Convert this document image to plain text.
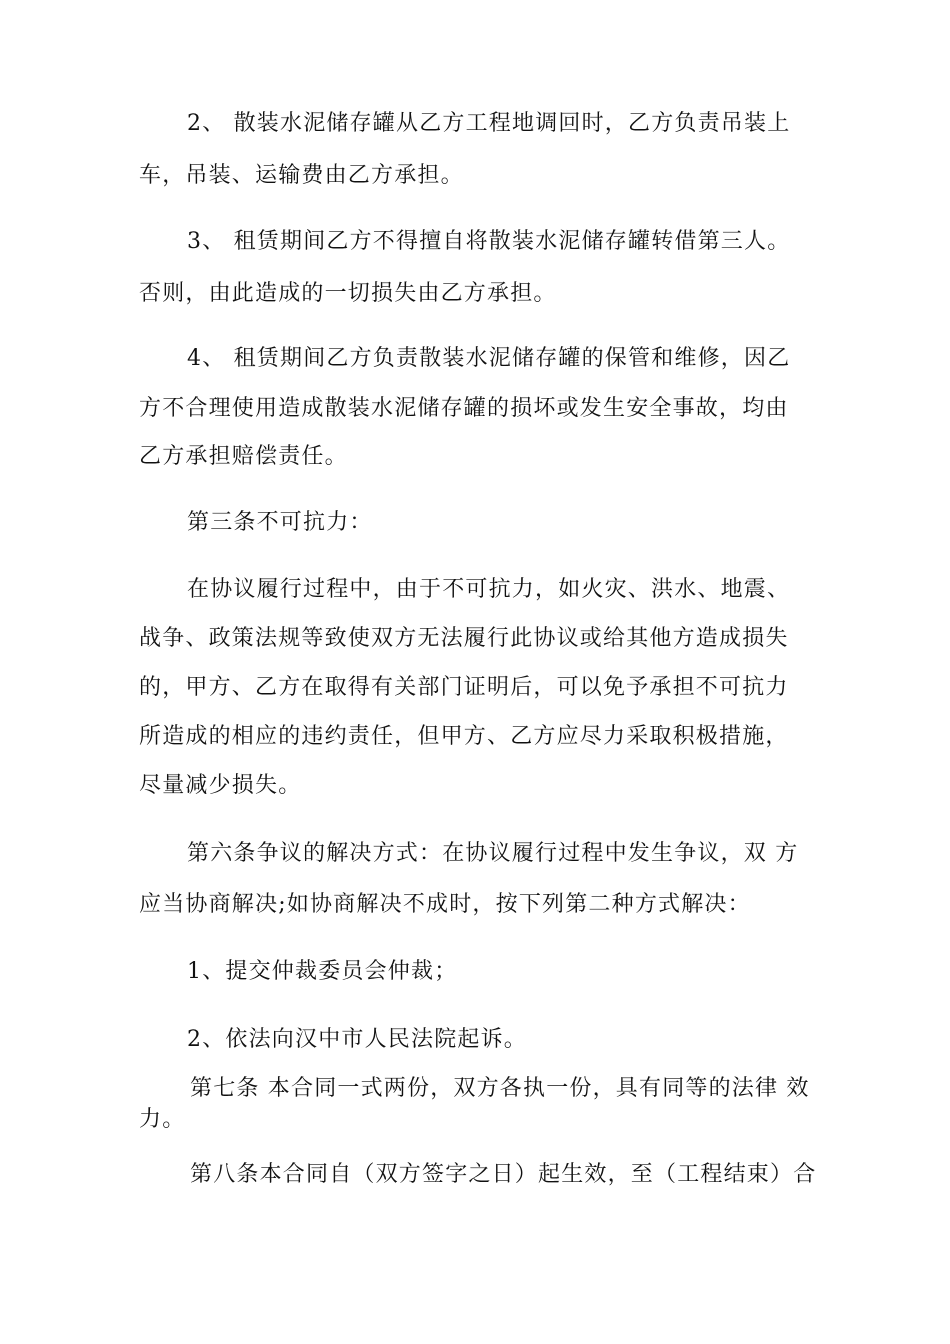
2、 散装水泥储存罐从乙方工程地调回时，乙方负责吊装上
车，吊装、运输费由乙方承担。
3、 租赁期间乙方不得擅自将散装水泥储存罐转借第三人。
否则，由此造成的一切损失由乙方承担。
4、 租赁期间乙方负责散装水泥储存罐的保管和维修，因乙
方不合理使用造成散装水泥储存罐的损坏或发生安全事故，均由
乙方承担赔偿责任。
第三条不可抗力：
在协议履行过程中，由于不可抗力，如火灾、洪水、地震、
战争、政策法规等致使双方无法履行此协议或给其他方造成损失
的，甲方、乙方在取得有关部门证明后，可以免予承担不可抗力
所造成的相应的违约责任，但甲方、乙方应尽力采取积极措施，
尽量减少损失。
第六条争议的解决方式：在协议履行过程中发生争议，双 方
应当协商解决;如协商解决不成时，按下列第二种方式解决：
1、提交仲裁委员会仲裁；
2、依法向汉中市人民法院起诉。
第七条 本合同一式两份，双方各执一份，具有同等的法律 效
力。
第八条本合同自（双方签字之日）起生效，至（工程结束）合
